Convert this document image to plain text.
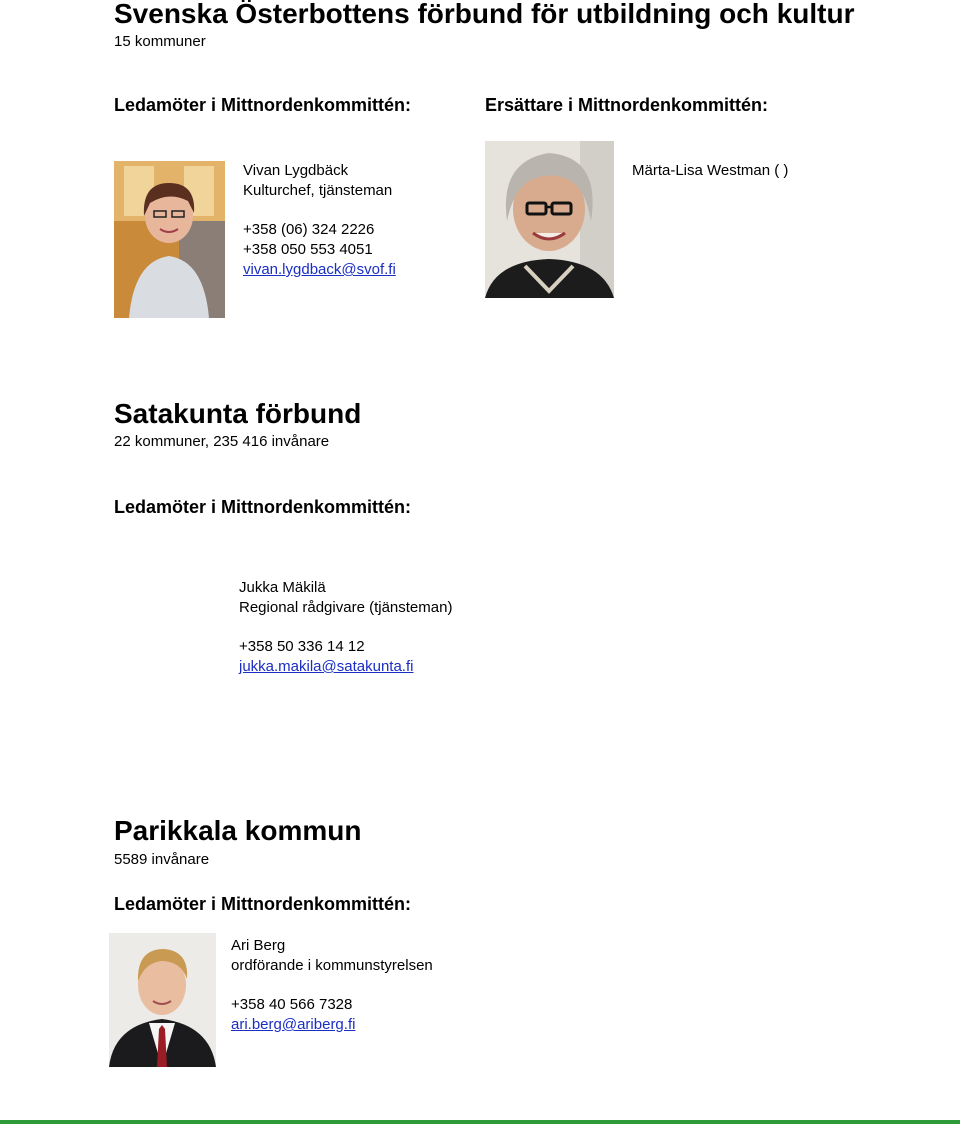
Svenska Österbottens förbund för utbildning och kultur
15 kommuner
Ledamöter i Mittnordenkommittén:	Ersättare i Mittnordenkommittén:
Vivan Lygdbäck
Kulturchef, tjänsteman
+358 (06) 324 2226
+358 050 553 4051
vivan.lygdback@svof.fi
Märta-Lisa Westman ( )
Satakunta förbund
22 kommuner, 235 416 invånare
Ledamöter i Mittnordenkommittén:
Jukka Mäkilä
Regional rådgivare (tjänsteman)
+358 50 336 14 12
jukka.makila@satakunta.fi
Parikkala kommun
5589 invånare
Ledamöter i Mittnordenkommittén:
Ari Berg
ordförande i kommunstyrelsen
+358 40 566 7328
ari.berg@ariberg.fi
